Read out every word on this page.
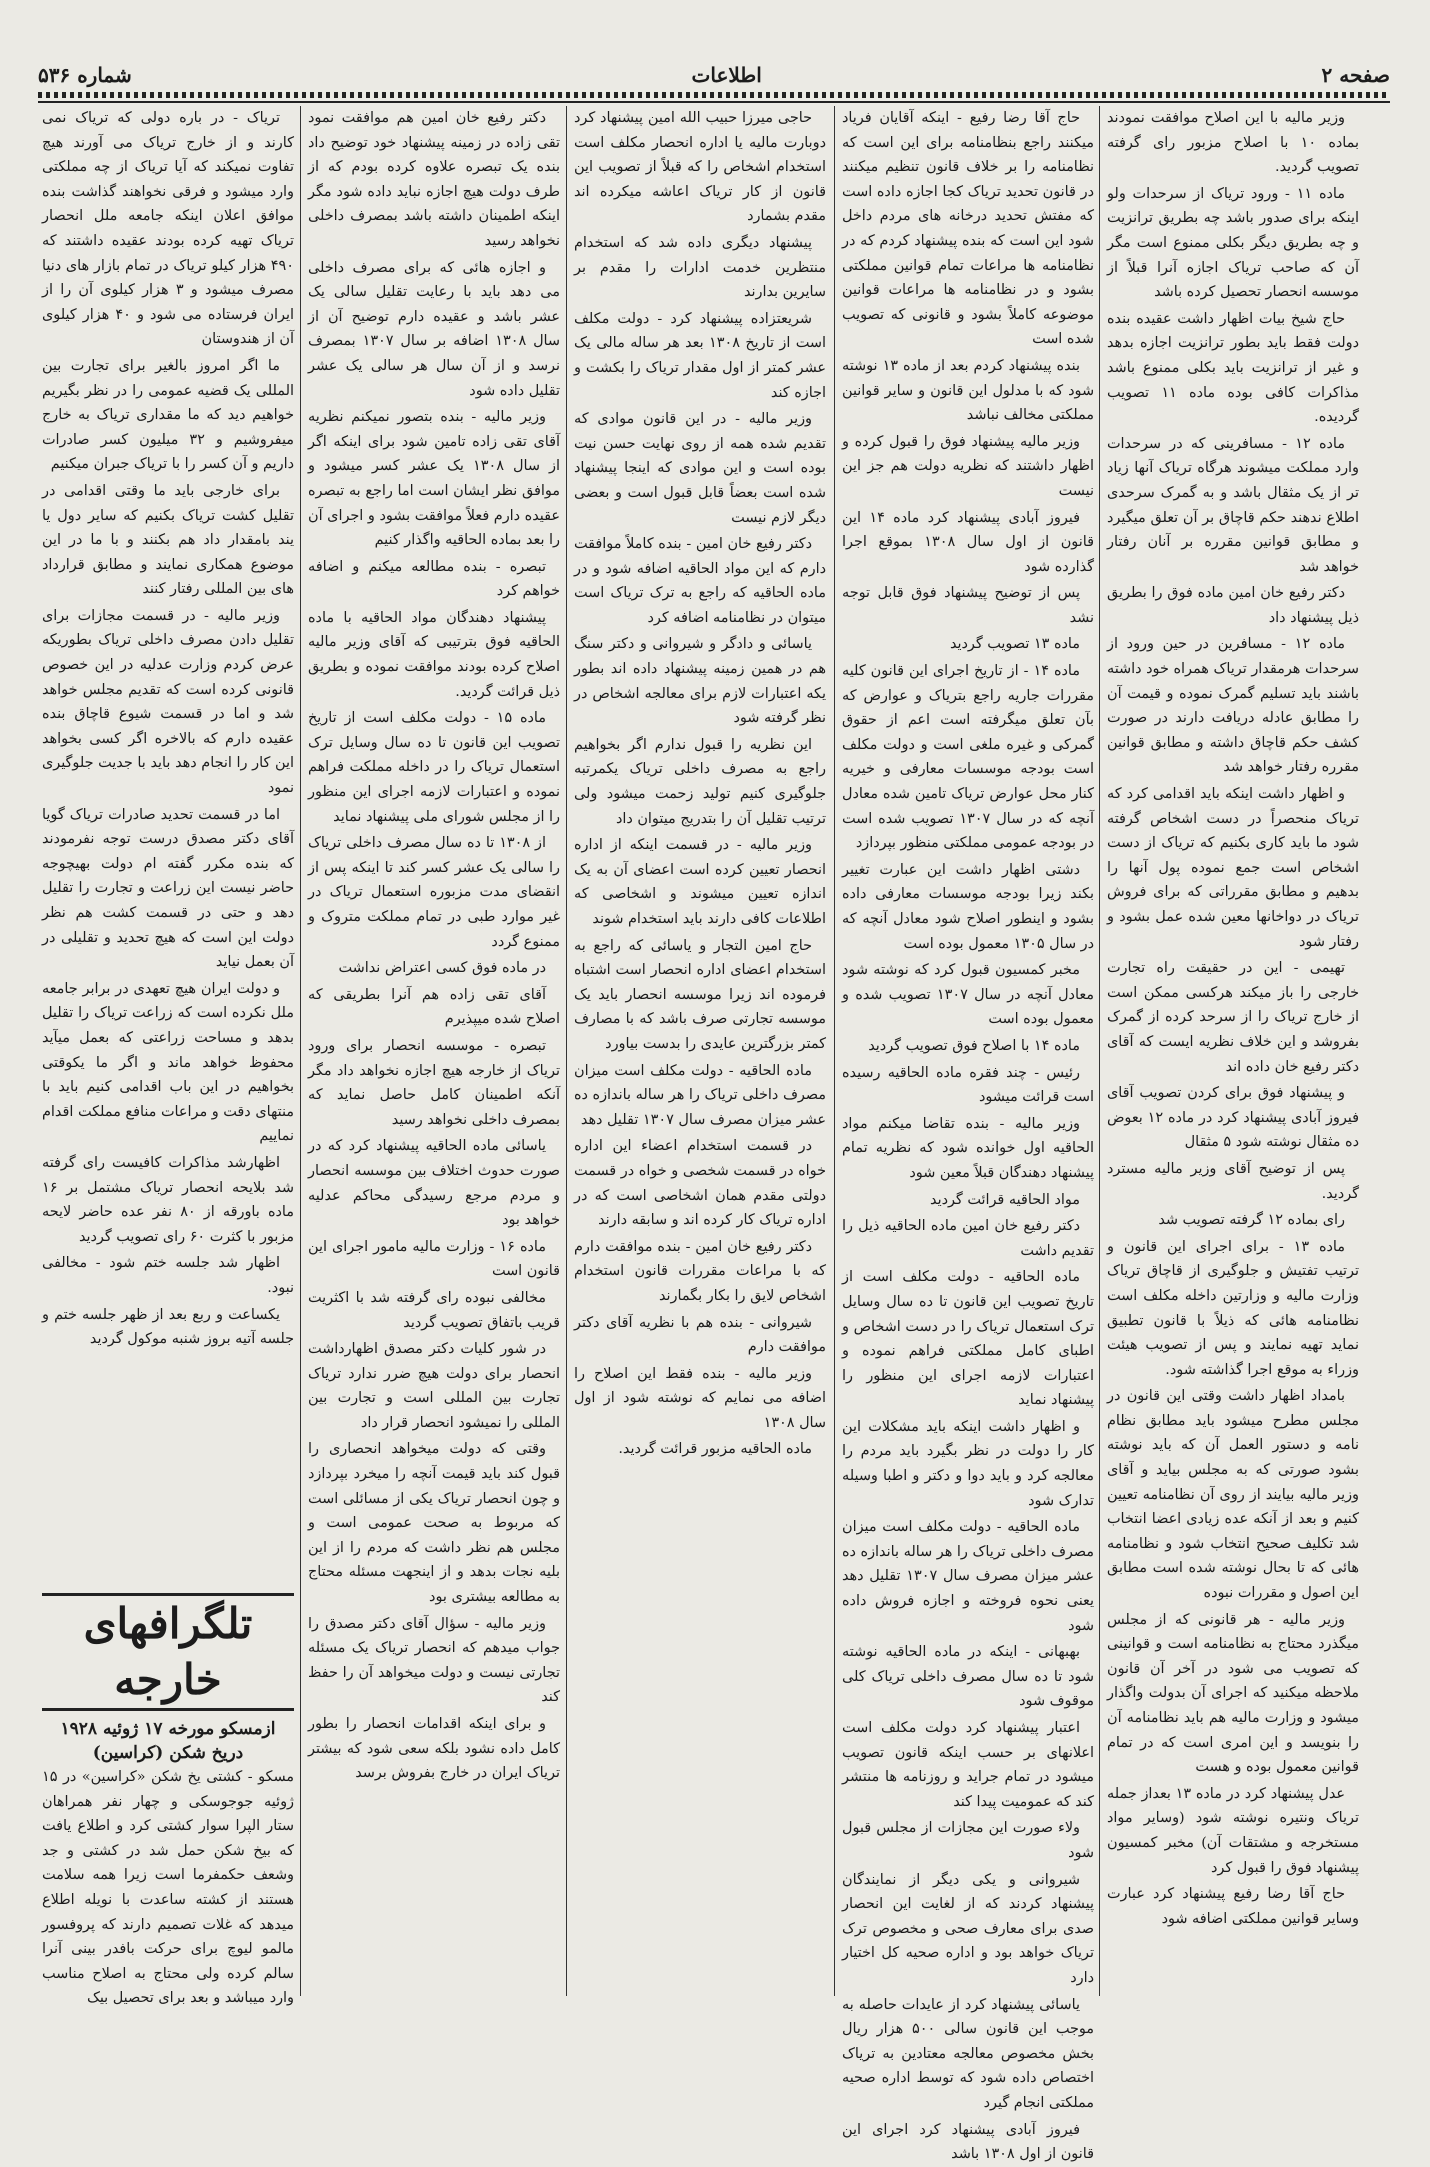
صفحه ۲
اطلاعات
شماره ۵۳۶

وزیر مالیه با این اصلاح موافقت نمودند بماده ۱۰ با اصلاح مزبور رای گرفته تصویب گردید.

ماده ۱۱ - ورود تریاک از سرحدات ولو اینکه برای صدور باشد چه بطریق ترانزیت و چه بطریق دیگر بکلی ممنوع است مگر آن که صاحب تریاک اجازه آنرا قبلاً از موسسه انحصار تحصیل کرده باشد

حاج شیخ بیات اظهار داشت عقیده بنده دولت فقط باید بطور ترانزیت اجازه بدهد و غیر از ترانزیت باید بکلی ممنوع باشد مذاکرات کافی بوده ماده ۱۱ تصویب گردیده.

ماده ۱۲ - مسافرینی که در سرحدات وارد مملکت میشوند هرگاه تریاک آنها زیاد تر از یک مثقال باشد و به گمرک سرحدی اطلاع ندهند حکم قاچاق بر آن تعلق میگیرد و مطابق قوانین مقرره بر آنان رفتار خواهد شد

دکتر رفیع خان امین ماده فوق را بطریق ذیل پیشنهاد داد

ماده ۱۲ - مسافرین در حین ورود از سرحدات هرمقدار تریاک همراه خود داشته باشند باید تسلیم گمرک نموده و قیمت آن را مطابق عادله دریافت دارند در صورت کشف حکم قاچاق داشته و مطابق قوانین مقرره رفتار خواهد شد

و اظهار داشت اینکه باید اقدامی کرد که تریاک منحصراً در دست اشخاص گرفته شود ما باید کاری بکنیم که تریاک از دست اشخاص است جمع نموده پول آنها را بدهیم و مطابق مقرراتی که برای فروش تریاک در دواخانها معین شده عمل بشود و رفتار شود

تهیمی - این در حقیقت راه تجارت خارجی را باز میکند هرکسی ممکن است از خارج تریاک را از سرحد کرده از گمرک بفروشد و این خلاف نظریه ایست که آقای دکتر رفیع خان داده اند

و پیشنهاد فوق برای کردن تصویب آقای فیروز آبادی پیشنهاد کرد در ماده ۱۲ بعوض ده مثقال نوشته شود ۵ مثقال

پس از توضیح آقای وزیر مالیه مسترد گردید.

رای بماده ۱۲ گرفته تصویب شد

ماده ۱۳ - برای اجرای این قانون و ترتیب تفتیش و جلوگیری از قاچاق تریاک وزارت مالیه و وزارتین داخله مکلف است نظامنامه هائی که ذیلاً با قانون تطبیق نماید تهیه نمایند و پس از تصویب هیئت وزراء به موقع اجرا گذاشته شود.

بامداد اظهار داشت وقتی این قانون در مجلس مطرح میشود باید مطابق نظام نامه و دستور العمل آن که باید نوشته بشود صورتی که به مجلس بیاید و آقای وزیر مالیه بیایند از روی آن نظامنامه تعیین کنیم و بعد از آنکه عده زیادی اعضا انتخاب شد تکلیف صحیح انتخاب شود و نظامنامه هائی که تا بحال نوشته شده است مطابق این اصول و مقررات نبوده

وزیر مالیه - هر قانونی که از مجلس میگذرد محتاج به نظامنامه است و قوانینی که تصویب می شود در آخر آن قانون ملاحظه میکنید که اجرای آن بدولت واگذار میشود و وزارت مالیه هم باید نظامنامه آن را بنویسد و این امری است که در تمام قوانین معمول بوده و هست

عدل پیشنهاد کرد در ماده ۱۳ بعداز جمله تریاک ونتیره نوشته شود (وسایر مواد مستخرجه و مشتقات آن) مخبر کمسیون پیشنهاد فوق را قبول کرد

حاج آقا رضا رفیع پیشنهاد کرد عبارت وسایر قوانین مملکتی اضافه شود

حاج آقا رضا رفیع - اینکه آقایان فریاد میکنند راجع بنظامنامه برای این است که نظامنامه را بر خلاف قانون تنظیم میکنند در قانون تحدید تریاک کجا اجازه داده است که مفتش تحدید درخانه های مردم داخل شود این است که بنده پیشنهاد کردم که در نظامنامه ها مراعات تمام قوانین مملکتی بشود و در نظامنامه ها مراعات قوانین موضوعه کاملاً بشود و قانونی که تصویب شده است

بنده پیشنهاد کردم بعد از ماده ۱۳ نوشته شود که با مدلول این قانون و سایر قوانین مملکتی مخالف نباشد

وزیر مالیه پیشنهاد فوق را قبول کرده و اظهار داشتند که نظریه دولت هم جز این نیست

فیروز آبادی پیشنهاد کرد ماده ۱۴ این قانون از اول سال ۱۳۰۸ بموقع اجرا گذارده شود

پس از توضیح پیشنهاد فوق قابل توجه نشد

ماده ۱۳ تصویب گردید

ماده ۱۴ - از تاریخ اجرای این قانون کلیه مقررات جاریه راجع بتریاک و عوارض که بآن تعلق میگرفته است اعم از حقوق گمرکی و غیره ملغی است و دولت مکلف است بودجه موسسات معارفی و خیریه کنار محل عوارض تریاک تامین شده معادل آنچه که در سال ۱۳۰۷ تصویب شده است در بودجه عمومی مملکتی منظور بپردازد

دشتی اظهار داشت این عبارت تغییر بکند زیرا بودجه موسسات معارفی داده بشود و اینطور اصلاح شود معادل آنچه که در سال ۱۳۰۵ معمول بوده است

مخبر کمسیون قبول کرد که نوشته شود معادل آنچه در سال ۱۳۰۷ تصویب شده و معمول بوده است

ماده ۱۴ با اصلاح فوق تصویب گردید

رئیس - چند فقره ماده الحاقیه رسیده است قرائت میشود

وزیر مالیه - بنده تقاضا میکنم مواد الحاقیه اول خوانده شود که نظریه تمام پیشنهاد دهندگان قبلاً معین شود

مواد الحاقیه قرائت گردید

دکتر رفیع خان امین ماده الحاقیه ذیل را تقدیم داشت

ماده الحاقیه - دولت مکلف است از تاریخ تصویب این قانون تا ده سال وسایل ترک استعمال تریاک را در دست اشخاص و اطبای کامل مملکتی فراهم نموده و اعتبارات لازمه اجرای این منظور را پیشنهاد نماید

و اظهار داشت اینکه باید مشکلات این کار را دولت در نظر بگیرد باید مردم را معالجه کرد و باید دوا و دکتر و اطبا وسیله تدارک شود

ماده الحاقیه - دولت مکلف است میزان مصرف داخلی تریاک را هر ساله باندازه ده عشر میزان مصرف سال ۱۳۰۷ تقلیل دهد یعنی نحوه فروخته و اجازه فروش داده شود

بهبهانی - اینکه در ماده الحاقیه نوشته شود تا ده سال مصرف داخلی تریاک کلی موقوف شود

اعتبار پیشنهاد کرد دولت مکلف است اعلانهای بر حسب اینکه قانون تصویب میشود در تمام جراید و روزنامه ها منتشر کند که عمومیت پیدا کند

ولاء صورت این مجازات از مجلس قبول شود

شیروانی و یکی دیگر از نمایندگان پیشنهاد کردند که از لغایت این انحصار صدی برای معارف صحی و مخصوص ترک تریاک خواهد بود و اداره صحیه کل اختیار دارد

یاسائی پیشنهاد کرد از عایدات حاصله به موجب این قانون سالی ۵۰۰ هزار ریال بخش مخصوص معالجه معتادین به تریاک اختصاص داده شود که توسط اداره صحیه مملکتی انجام گیرد

فیروز آبادی پیشنهاد کرد اجرای این قانون از اول ۱۳۰۸ باشد

حاجی میرزا حبیب الله امین پیشنهاد کرد دوبارت مالیه یا اداره انحصار مکلف است استخدام اشخاص را که قبلاً از تصویب این قانون از کار تریاک اعاشه میکرده اند مقدم بشمارد

پیشنهاد دیگری داده شد که استخدام منتظرین خدمت ادارات را مقدم بر سایرین بدارند

شریعتزاده پیشنهاد کرد - دولت مکلف است از تاریخ ۱۳۰۸ بعد هر ساله مالی یک عشر کمتر از اول مقدار تریاک را بکشت و اجازه کند

وزیر مالیه - در این قانون موادی که تقدیم شده همه از روی نهایت حسن نیت بوده است و این موادی که اینجا پیشنهاد شده است بعضاً قابل قبول است و بعضی دیگر لازم نیست

دکتر رفیع خان امین - بنده کاملاً موافقت دارم که این مواد الحاقیه اضافه شود و در ماده الحاقیه که راجع به ترک تریاک است میتوان در نظامنامه اضافه کرد

یاسائی و دادگر و شیروانی و دکتر سنگ هم در همین زمینه پیشنهاد داده اند بطور یکه اعتبارات لازم برای معالجه اشخاص در نظر گرفته شود

این نظریه را قبول ندارم اگر بخواهیم راجع به مصرف داخلی تریاک یکمرتبه جلوگیری کنیم تولید زحمت میشود ولی ترتیب تقلیل آن را بتدریج میتوان داد

وزیر مالیه - در قسمت اینکه از اداره انحصار تعیین کرده است اعضای آن به یک اندازه تعیین میشوند و اشخاصی که اطلاعات کافی دارند باید استخدام شوند

حاج امین التجار و یاسائی که راجع به استخدام اعضای اداره انحصار است اشتباه فرموده اند زیرا موسسه انحصار باید یک موسسه تجارتی صرف باشد که با مصارف کمتر بزرگترین عایدی را بدست بیاورد

ماده الحاقیه - دولت مکلف است میزان مصرف داخلی تریاک را هر ساله باندازه ده عشر میزان مصرف سال ۱۳۰۷ تقلیل دهد

در قسمت استخدام اعضاء این اداره خواه در قسمت شخصی و خواه در قسمت دولتی مقدم همان اشخاصی است که در اداره تریاک کار کرده اند و سابقه دارند

دکتر رفیع خان امین - بنده موافقت دارم که با مراعات مقررات قانون استخدام اشخاص لایق را بکار بگمارند

شیروانی - بنده هم با نظریه آقای دکتر موافقت دارم

وزیر مالیه - بنده فقط این اصلاح را اضافه می نمایم که نوشته شود از اول سال ۱۳۰۸

ماده الحاقیه مزبور قرائت گردید.

دکتر رفیع خان امین هم موافقت نمود تقی زاده در زمینه پیشنهاد خود توضیح داد بنده یک تبصره علاوه کرده بودم که از طرف دولت هیچ اجازه نباید داده شود مگر اینکه اطمینان داشته باشد بمصرف داخلی نخواهد رسید

و اجازه هائی که برای مصرف داخلی می دهد باید با رعایت تقلیل سالی یک عشر باشد و عقیده دارم توضیح آن از سال ۱۳۰۸ اضافه بر سال ۱۳۰۷ بمصرف نرسد و از آن سال هر سالی یک عشر تقلیل داده شود

وزیر مالیه - بنده بتصور نمیکنم نظریه آقای تقی زاده تامین شود برای اینکه اگر از سال ۱۳۰۸ یک عشر کسر میشود و موافق نظر ایشان است اما راجع به تبصره عقیده دارم فعلاً موافقت بشود و اجرای آن را بعد بماده الحاقیه واگذار کنیم

تبصره - بنده مطالعه میکنم و اضافه خواهم کرد

پیشنهاد دهندگان مواد الحاقیه با ماده الحاقیه فوق بترتیبی که آقای وزیر مالیه اصلاح کرده بودند موافقت نموده و بطریق ذیل قرائت گردید.

ماده ۱۵ - دولت مکلف است از تاریخ تصویب این قانون تا ده سال وسایل ترک استعمال تریاک را در داخله مملکت فراهم نموده و اعتبارات لازمه اجرای این منظور را از مجلس شورای ملی پیشنهاد نماید

از ۱۳۰۸ تا ده سال مصرف داخلی تریاک را سالی یک عشر کسر کند تا اینکه پس از انقضای مدت مزبوره استعمال تریاک در غیر موارد طبی در تمام مملکت متروک و ممنوع گردد

در ماده فوق کسی اعتراض نداشت

آقای تقی زاده هم آنرا بطریقی که اصلاح شده میپذیرم

تبصره - موسسه انحصار برای ورود تریاک از خارجه هیچ اجازه نخواهد داد مگر آنکه اطمینان کامل حاصل نماید که بمصرف داخلی نخواهد رسید

یاسائی ماده الحاقیه پیشنهاد کرد که در صورت حدوث اختلاف بین موسسه انحصار و مردم مرجع رسیدگی محاکم عدلیه خواهد بود

ماده ۱۶ - وزارت مالیه مامور اجرای این قانون است

مخالفی نبوده رای گرفته شد با اکثریت قریب باتفاق تصویب گردید

در شور کلیات دکتر مصدق اظهارداشت انحصار برای دولت هیچ ضرر ندارد تریاک تجارت بین المللی است و تجارت بین المللی را نمیشود انحصار قرار داد

وقتی که دولت میخواهد انحصاری را قبول کند باید قیمت آنچه را میخرد بپردازد و چون انحصار تریاک یکی از مسائلی است که مربوط به صحت عمومی است و مجلس هم نظر داشت که مردم را از این بلیه نجات بدهد و از اینجهت مسئله محتاج به مطالعه بیشتری بود

وزیر مالیه - سؤال آقای دکتر مصدق را جواب میدهم که انحصار تریاک یک مسئله تجارتی نیست و دولت میخواهد آن را حفظ کند

و برای اینکه اقدامات انحصار را بطور کامل داده نشود بلکه سعی شود که بیشتر تریاک ایران در خارج بفروش برسد

تریاک - در باره دولی که تریاک نمی کارند و از خارج تریاک می آورند هیچ تفاوت نمیکند که آیا تریاک از چه مملکتی وارد میشود و فرقی نخواهند گذاشت بنده موافق اعلان اینکه جامعه ملل انحصار تریاک تهیه کرده بودند عقیده داشتند که ۴۹۰ هزار کیلو تریاک در تمام بازار های دنیا مصرف میشود و ۳ هزار کیلوی آن را از ایران فرستاده می شود و ۴۰ هزار کیلوی آن از هندوستان

ما اگر امروز بالغیر برای تجارت بین المللی یک قضیه عمومی را در نظر بگیریم خواهیم دید که ما مقداری تریاک به خارج میفروشیم و ۳۲ میلیون کسر صادرات داریم و آن کسر را با تریاک جبران میکنیم

برای خارجی باید ما وقتی اقدامی در تقلیل کشت تریاک بکنیم که سایر دول یا یند بامقدار داد هم بکنند و با ما در این موضوع همکاری نمایند و مطابق قرارداد های بین المللی رفتار کنند

وزیر مالیه - در قسمت مجازات برای تقلیل دادن مصرف داخلی تریاک بطوریکه عرض کردم وزارت عدلیه در این خصوص قانونی کرده است که تقدیم مجلس خواهد شد و اما در قسمت شیوع قاچاق بنده عقیده دارم که بالاخره اگر کسی بخواهد این کار را انجام دهد باید با جدیت جلوگیری نمود

اما در قسمت تحدید صادرات تریاک گویا آقای دکتر مصدق درست توجه نفرمودند که بنده مکرر گفته ام دولت بهیچوجه حاضر نیست این زراعت و تجارت را تقلیل دهد و حتی در قسمت کشت هم نظر دولت این است که هیچ تحدید و تقلیلی در آن بعمل نیاید

و دولت ایران هیچ تعهدی در برابر جامعه ملل نکرده است که زراعت تریاک را تقلیل بدهد و مساحت زراعتی که بعمل میآید محفوظ خواهد ماند و اگر ما یکوقتی بخواهیم در این باب اقدامی کنیم باید با منتهای دقت و مراعات منافع مملکت اقدام نماییم

اظهارشد مذاکرات کافیست رای گرفته شد بلایحه انحصار تریاک مشتمل بر ۱۶ ماده باورقه از ۸۰ نفر عده حاضر لایحه مزبور با کثرت ۶۰ رای تصویب گردید

اظهار شد جلسه ختم شود - مخالفی نبود.

یکساعت و ربع بعد از ظهر جلسه ختم و جلسه آتیه بروز شنبه موکول گردید

تلگرافهای خارجه
ازمسکو مورخه ۱۷ ژوئیه ۱۹۲۸
دریخ شکن (کراسین)

مسکو - کشتی یخ شکن «کراسین» در ۱۵ ژوئیه جوجوسکی و چهار نفر همراهان ستار الپرا سوار کشتی کرد و اطلاع یافت که بیخ شکن حمل شد در کشتی و جد وشعف حکمفرما است زیرا همه سلامت هستند از کشته ساعدت با نویله اطلاع میدهد که غلات تصمیم دارند که پروفسور مالمو لیوچ برای حرکت بافدر بینی آنرا سالم کرده ولی محتاج به اصلاح مناسب وارد میباشد و بعد برای تحصیل بیک
